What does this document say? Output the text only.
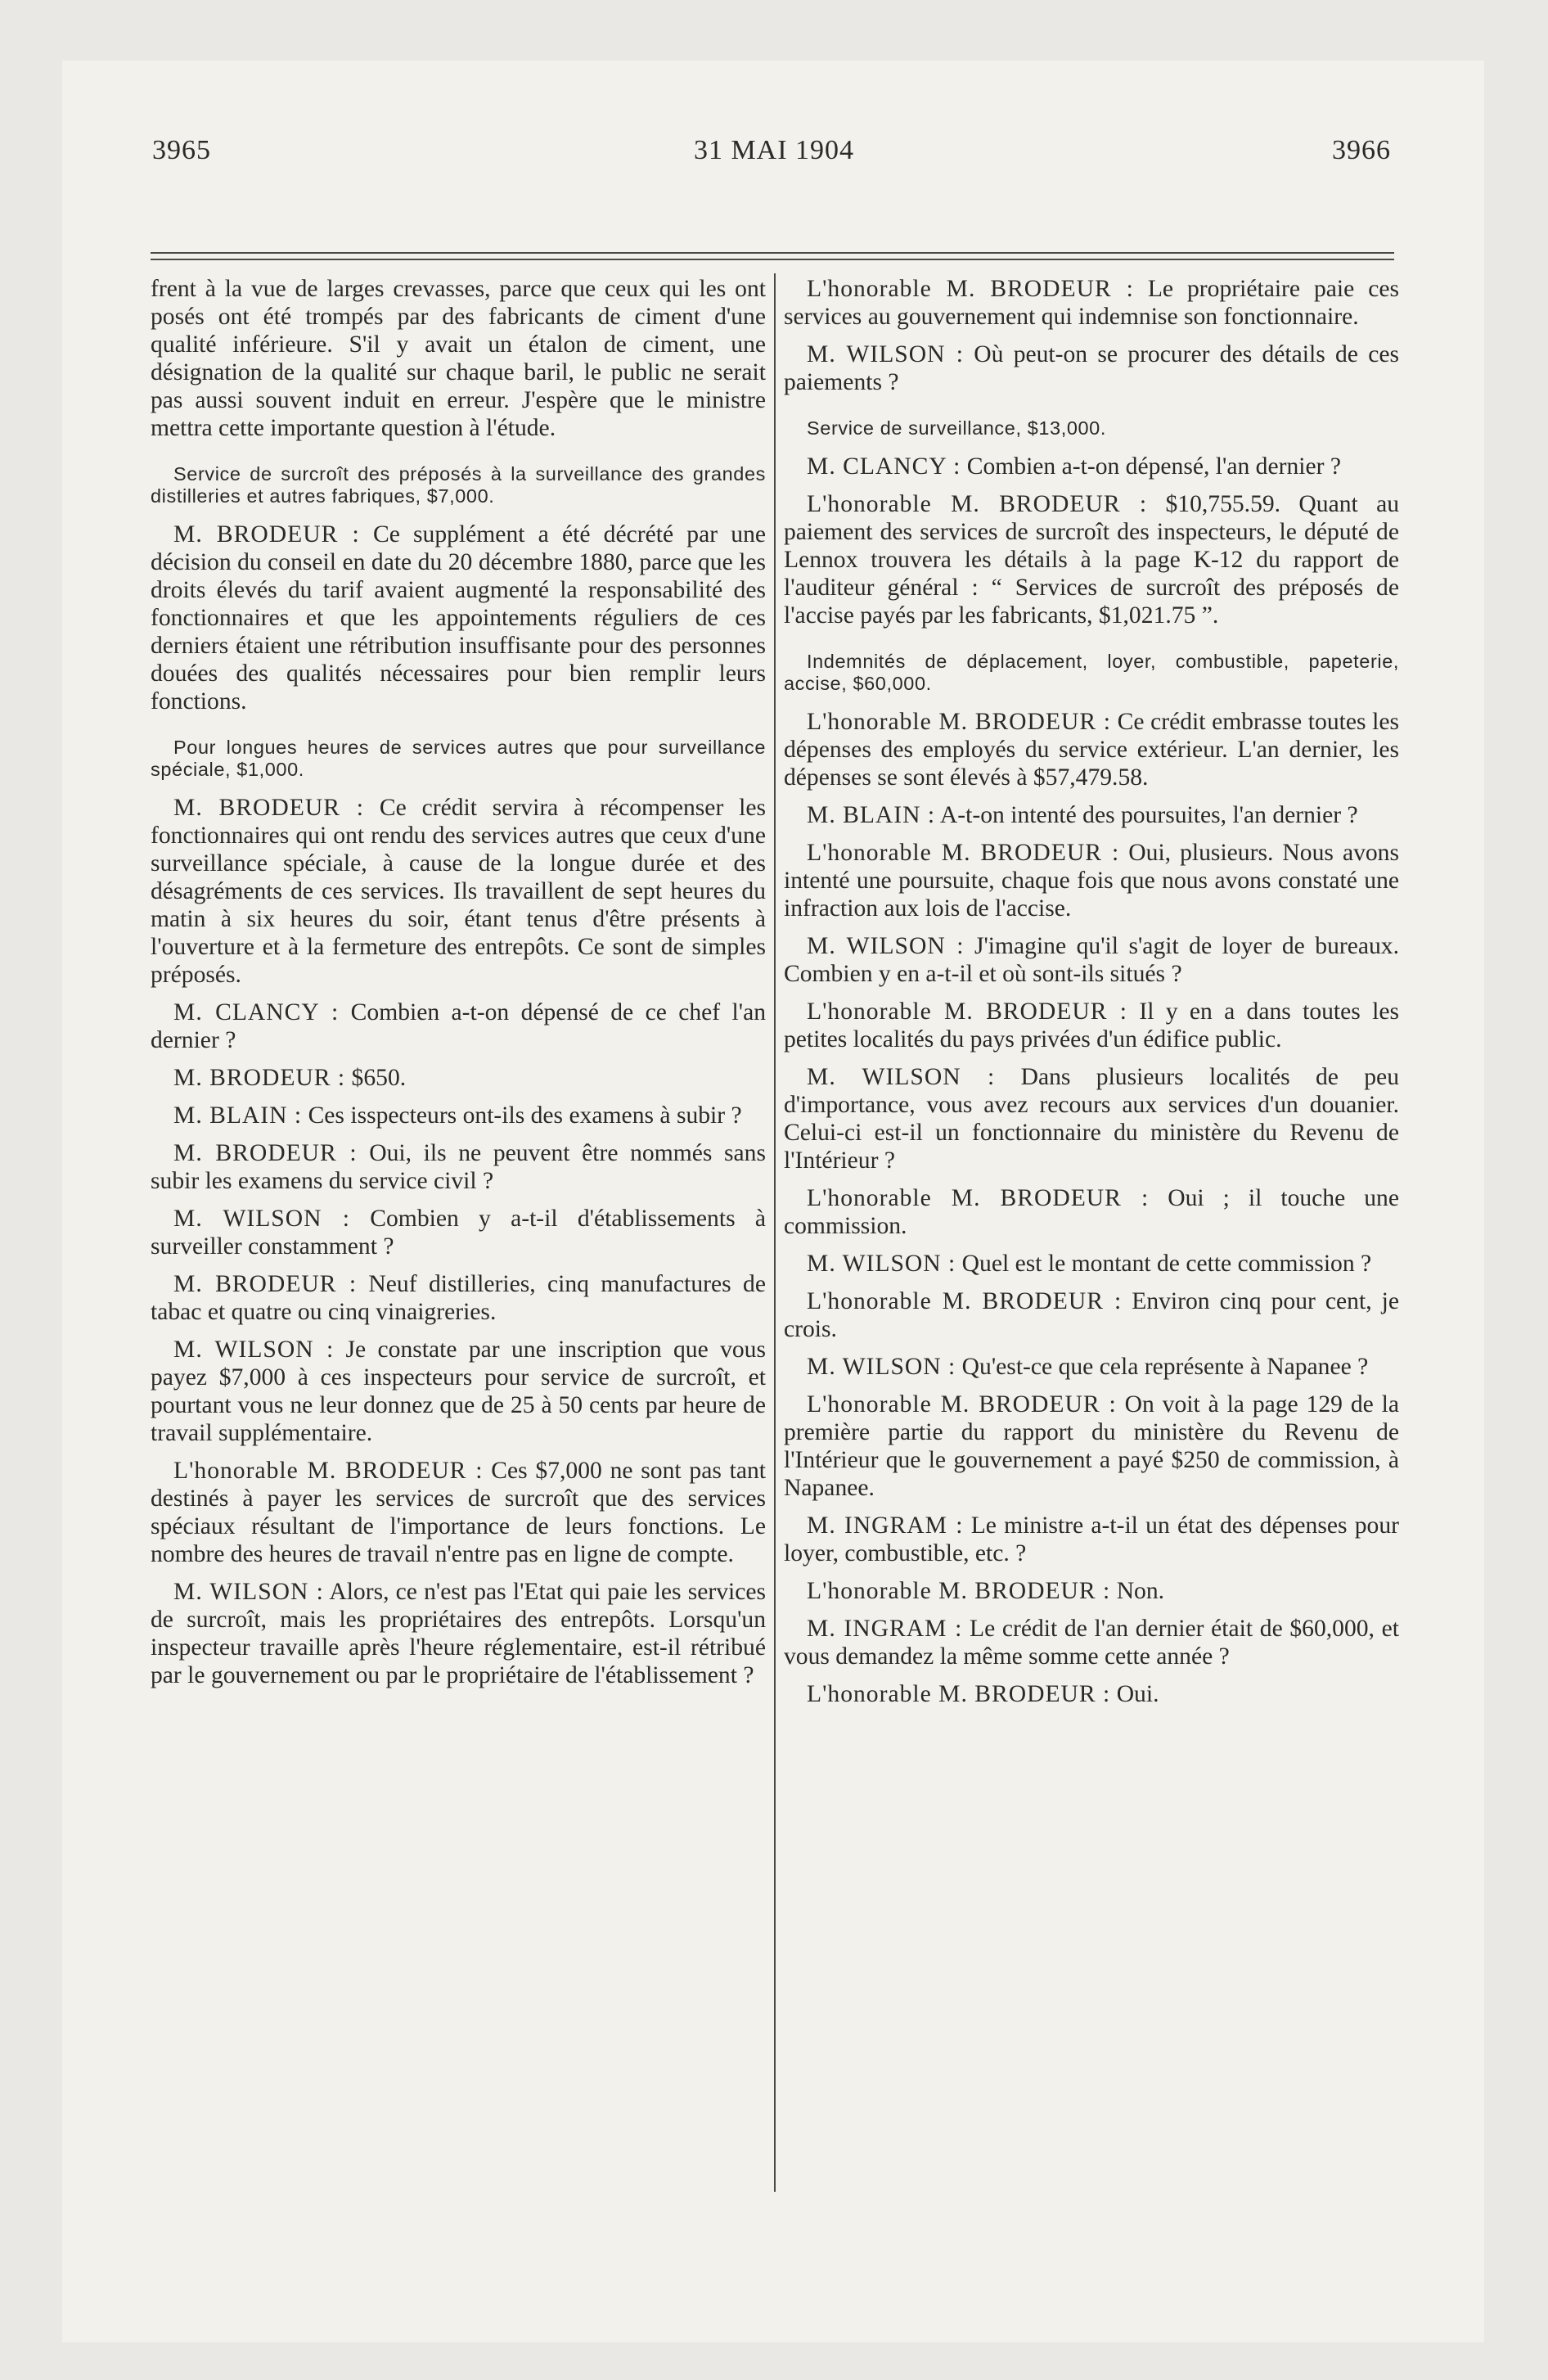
3965	31 MAI 1904	3966

frent à la vue de larges crevasses, parce que ceux qui les ont posés ont été trompés par des fabricants de ciment d'une qualité inférieure. S'il y avait un étalon de ciment, une désignation de la qualité sur chaque baril, le public ne serait pas aussi souvent induit en erreur. J'espère que le ministre mettra cette importante question à l'étude.

Service de surcroît des préposés à la surveillance des grandes distilleries et autres fabriques, $7,000.

M. BRODEUR : Ce supplément a été décrété par une décision du conseil en date du 20 décembre 1880, parce que les droits élevés du tarif avaient augmenté la responsabilité des fonctionnaires et que les appointements réguliers de ces derniers étaient une rétribution insuffisante pour des personnes douées des qualités nécessaires pour bien remplir leurs fonctions.

Pour longues heures de services autres que pour surveillance spéciale, $1,000.

M. BRODEUR : Ce crédit servira à récompenser les fonctionnaires qui ont rendu des services autres que ceux d'une surveillance spéciale, à cause de la longue durée et des désagréments de ces services. Ils travaillent de sept heures du matin à six heures du soir, étant tenus d'être présents à l'ouverture et à la fermeture des entrepôts. Ce sont de simples préposés.

M. CLANCY : Combien a-t-on dépensé de ce chef l'an dernier ?

M. BRODEUR : $650.

M. BLAIN : Ces isspecteurs ont-ils des examens à subir ?

M. BRODEUR : Oui, ils ne peuvent être nommés sans subir les examens du service civil ?

M. WILSON : Combien y a-t-il d'établissements à surveiller constamment ?

M. BRODEUR : Neuf distilleries, cinq manufactures de tabac et quatre ou cinq vinaigreries.

M. WILSON : Je constate par une inscription que vous payez $7,000 à ces inspecteurs pour service de surcroît, et pourtant vous ne leur donnez que de 25 à 50 cents par heure de travail supplémentaire.

L'honorable M. BRODEUR : Ces $7,000 ne sont pas tant destinés à payer les services de surcroît que des services spéciaux résultant de l'importance de leurs fonctions. Le nombre des heures de travail n'entre pas en ligne de compte.

M. WILSON : Alors, ce n'est pas l'Etat qui paie les services de surcroît, mais les propriétaires des entrepôts. Lorsqu'un inspecteur travaille après l'heure réglementaire, est-il rétribué par le gouvernement ou par le propriétaire de l'établissement ?

L'honorable M. BRODEUR : Le propriétaire paie ces services au gouvernement qui indemnise son fonctionnaire.

M. WILSON : Où peut-on se procurer des détails de ces paiements ?

Service de surveillance, $13,000.

M. CLANCY : Combien a-t-on dépensé, l'an dernier ?

L'honorable M. BRODEUR : $10,755.59. Quant au paiement des services de surcroît des inspecteurs, le député de Lennox trouvera les détails à la page K-12 du rapport de l'auditeur général : “ Services de surcroît des préposés de l'accise payés par les fabricants, $1,021.75 ”.

Indemnités de déplacement, loyer, combustible, papeterie, accise, $60,000.

L'honorable M. BRODEUR : Ce crédit embrasse toutes les dépenses des employés du service extérieur. L'an dernier, les dépenses se sont élevés à $57,479.58.

M. BLAIN : A-t-on intenté des poursuites, l'an dernier ?

L'honorable M. BRODEUR : Oui, plusieurs. Nous avons intenté une poursuite, chaque fois que nous avons constaté une infraction aux lois de l'accise.

M. WILSON : J'imagine qu'il s'agit de loyer de bureaux. Combien y en a-t-il et où sont-ils situés ?

L'honorable M. BRODEUR : Il y en a dans toutes les petites localités du pays privées d'un édifice public.

M. WILSON : Dans plusieurs localités de peu d'importance, vous avez recours aux services d'un douanier. Celui-ci est-il un fonctionnaire du ministère du Revenu de l'Intérieur ?

L'honorable M. BRODEUR : Oui ; il touche une commission.

M. WILSON : Quel est le montant de cette commission ?

L'honorable M. BRODEUR : Environ cinq pour cent, je crois.

M. WILSON : Qu'est-ce que cela représente à Napanee ?

L'honorable M. BRODEUR : On voit à la page 129 de la première partie du rapport du ministère du Revenu de l'Intérieur que le gouvernement a payé $250 de commission, à Napanee.

M. INGRAM : Le ministre a-t-il un état des dépenses pour loyer, combustible, etc. ?

L'honorable M. BRODEUR : Non.

M. INGRAM : Le crédit de l'an dernier était de $60,000, et vous demandez la même somme cette année ?

L'honorable M. BRODEUR : Oui.
